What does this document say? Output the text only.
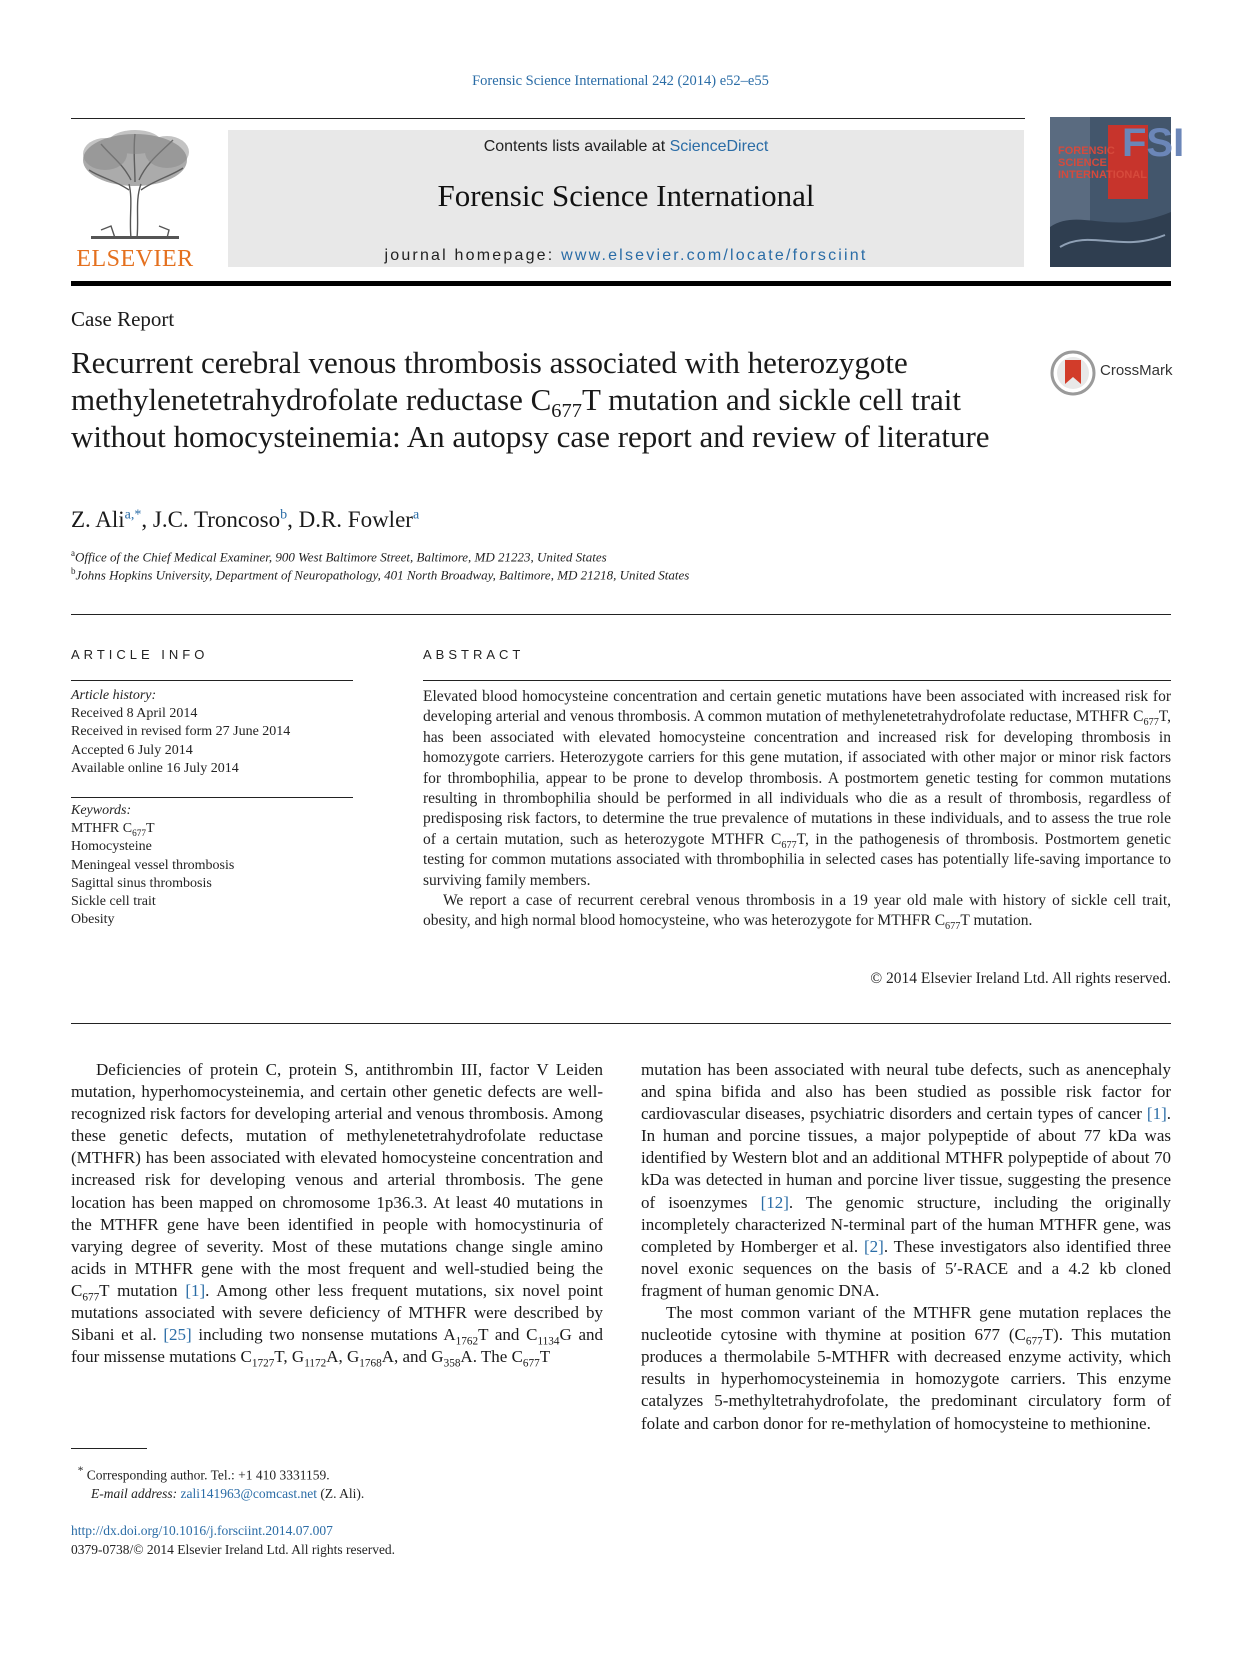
Forensic Science International 242 (2014) e52–e55
ELSEVIER
Contents lists available at ScienceDirect
Forensic Science International
journal homepage: www.elsevier.com/locate/forsciint
FSI
FORENSIC SCIENCE INTERNATIONAL
Case Report
Recurrent cerebral venous thrombosis associated with heterozygote methylenetetrahydrofolate reductase $C_{677}T$ mutation and sickle cell trait without homocysteinemia: An autopsy case report and review of literature
CrossMark
Z. Ali$^{a,*}$, J.C. Troncoso$^b$, D.R. Fowler$^a$
$^a$Office of the Chief Medical Examiner, 900 West Baltimore Street, Baltimore, MD 21223, United States
$^b$Johns Hopkins University, Department of Neuropathology, 401 North Broadway, Baltimore, MD 21218, United States
ARTICLE INFO
Article history:
Received 8 April 2014
Received in revised form 27 June 2014
Accepted 6 July 2014
Available online 16 July 2014
Keywords:
MTHFR $C_{677}T$
Homocysteine
Meningeal vessel thrombosis
Sagittal sinus thrombosis
Sickle cell trait
Obesity
ABSTRACT

Elevated blood homocysteine concentration and certain genetic mutations have been associated with increased risk for developing arterial and venous thrombosis. A common mutation of methylenetetrahydrofolate reductase, MTHFR $C_{677}T$, has been associated with elevated homocysteine concentration and increased risk for developing thrombosis in homozygote carriers. Heterozygote carriers for this gene mutation, if associated with other major or minor risk factors for thrombophilia, appear to be prone to develop thrombosis. A postmortem genetic testing for common mutations resulting in thrombophilia should be performed in all individuals who die as a result of thrombosis, regardless of predisposing risk factors, to determine the true prevalence of mutations in these individuals, and to assess the true role of a certain mutation, such as heterozygote MTHFR $C_{677}T$, in the pathogenesis of thrombosis. Postmortem genetic testing for common mutations associated with thrombophilia in selected cases has potentially life-saving importance to surviving family members.

We report a case of recurrent cerebral venous thrombosis in a 19 year old male with history of sickle cell trait, obesity, and high normal blood homocysteine, who was heterozygote for MTHFR $C_{677}T$ mutation.

© 2014 Elsevier Ireland Ltd. All rights reserved.

Deficiencies of protein C, protein S, antithrombin III, factor V Leiden mutation, hyperhomocysteinemia, and certain other genetic defects are well-recognized risk factors for developing arterial and venous thrombosis. Among these genetic defects, mutation of methylenetetrahydrofolate reductase (MTHFR) has been associated with elevated homocysteine concentration and increased risk for developing venous and arterial thrombosis. The gene location has been mapped on chromosome 1p36.3. At least 40 mutations in the MTHFR gene have been identified in people with homocystinuria of varying degree of severity. Most of these mutations change single amino acids in MTHFR gene with the most frequent and well-studied being the $C_{677}T$ mutation [1]. Among other less frequent mutations, six novel point mutations associated with severe deficiency of MTHFR were described by Sibani et al. [25] including two nonsense mutations $A_{1762}T$ and $C_{1134}G$ and four missense mutations $C_{1727}T$, $G_{1172}A$, $G_{1768}A$, and $G_{358}A$. The $C_{677}T$

mutation has been associated with neural tube defects, such as anencephaly and spina bifida and also has been studied as possible risk factor for cardiovascular diseases, psychiatric disorders and certain types of cancer [1]. In human and porcine tissues, a major polypeptide of about 77 kDa was identified by Western blot and an additional MTHFR polypeptide of about 70 kDa was detected in human and porcine liver tissue, suggesting the presence of isoenzymes [12]. The genomic structure, including the originally incompletely characterized N-terminal part of the human MTHFR gene, was completed by Homberger et al. [2]. These investigators also identified three novel exonic sequences on the basis of 5′-RACE and a 4.2 kb cloned fragment of human genomic DNA.

The most common variant of the MTHFR gene mutation replaces the nucleotide cytosine with thymine at position 677 $(C_{677}T)$. This mutation produces a thermolabile 5-MTHFR with decreased enzyme activity, which results in hyperhomocysteinemia in homozygote carriers. This enzyme catalyzes 5-methyltetrahydrofolate, the predominant circulatory form of folate and carbon donor for re-methylation of homocysteine to methionine.

* Corresponding author. Tel.: +1 410 3331159.
E-mail address: zali141963@comcast.net (Z. Ali).
http://dx.doi.org/10.1016/j.forsciint.2014.07.007
0379-0738/© 2014 Elsevier Ireland Ltd. All rights reserved.
